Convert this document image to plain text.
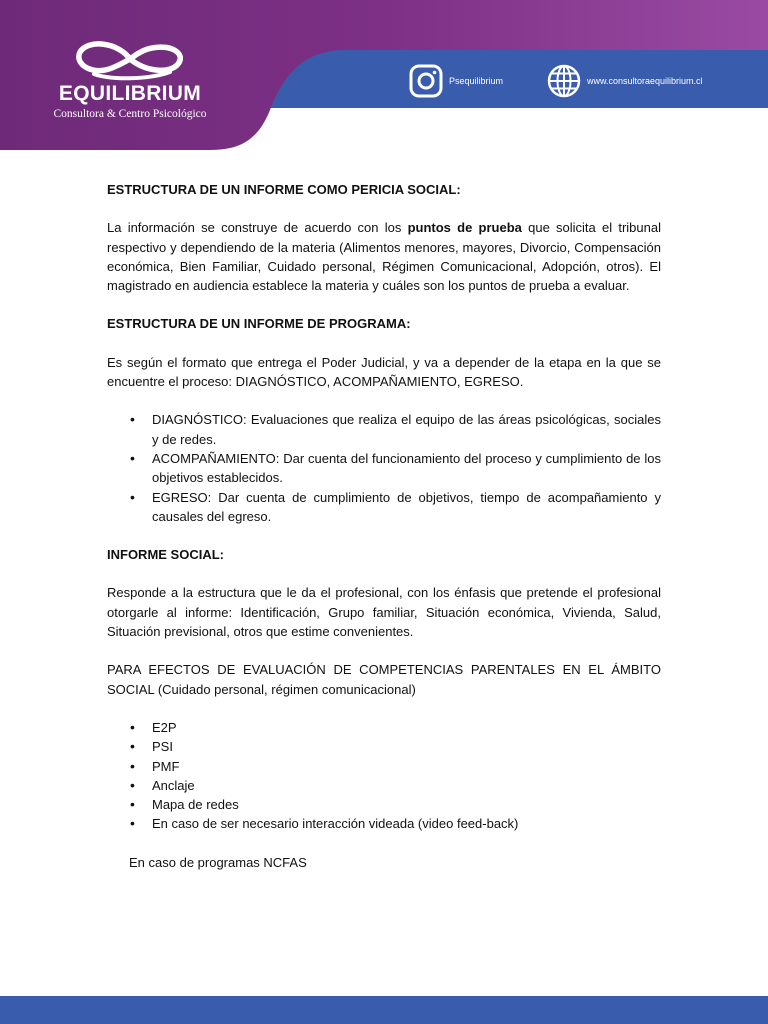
EQUILIBRIUM
Consultora & Centro Psicológico
Psequilibrium	www.consultoraequilibrium.cl
ESTRUCTURA DE UN INFORME COMO PERICIA SOCIAL:
La información se construye de acuerdo con los puntos de prueba que solicita el tribunal respectivo y dependiendo de la materia (Alimentos menores, mayores, Divorcio, Compensación económica, Bien Familiar, Cuidado personal, Régimen Comunicacional, Adopción, otros). El magistrado en audiencia establece la materia y cuáles son los puntos de prueba a evaluar.
ESTRUCTURA DE UN INFORME DE PROGRAMA:
Es según el formato que entrega el Poder Judicial, y va a depender de la etapa en la que se encuentre el proceso: DIAGNÓSTICO, ACOMPAÑAMIENTO, EGRESO.
• DIAGNÓSTICO: Evaluaciones que realiza el equipo de las áreas psicológicas, sociales y de redes.
• ACOMPAÑAMIENTO: Dar cuenta del funcionamiento del proceso y cumplimiento de los objetivos establecidos.
• EGRESO: Dar cuenta de cumplimiento de objetivos, tiempo de acompañamiento y causales del egreso.
INFORME SOCIAL:
Responde a la estructura que le da el profesional, con los énfasis que pretende el profesional otorgarle al informe: Identificación, Grupo familiar, Situación económica, Vivienda, Salud, Situación previsional, otros que estime convenientes.
PARA EFECTOS DE EVALUACIÓN DE COMPETENCIAS PARENTALES EN EL ÁMBITO SOCIAL (Cuidado personal, régimen comunicacional)
• E2P
• PSI
• PMF
• Anclaje
• Mapa de redes
• En caso de ser necesario interacción videada (video feed-back)
En caso de programas NCFAS
